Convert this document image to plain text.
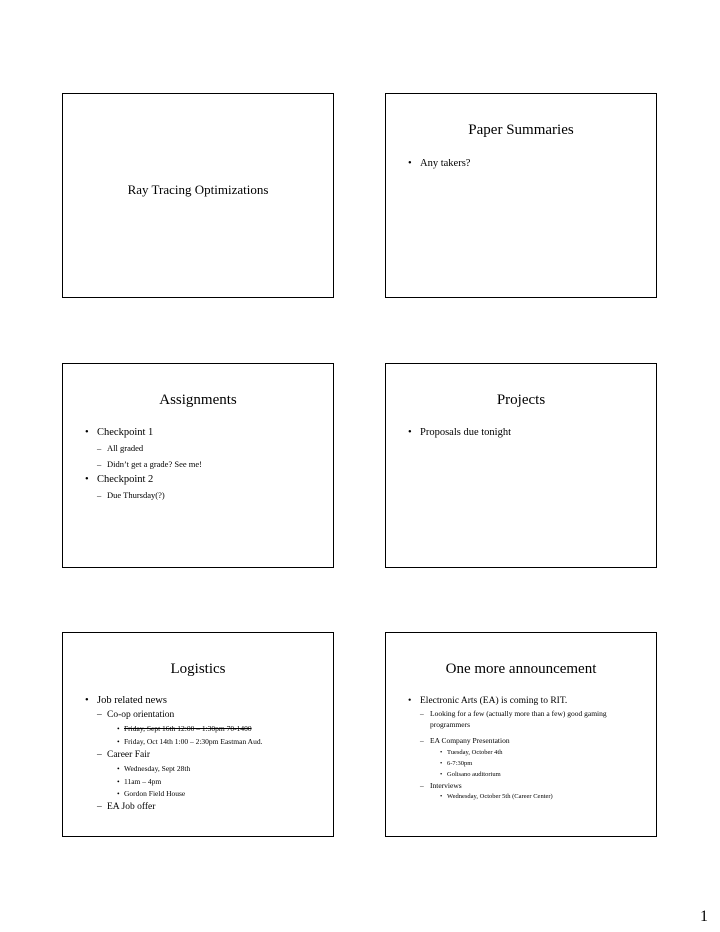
Ray Tracing Optimizations
Paper Summaries
• Any takers?
Assignments
• Checkpoint 1
– All graded
– Didn’t get a grade? See me!
• Checkpoint 2
– Due Thursday(?)
Projects
• Proposals due tonight
Logistics
• Job related news
– Co-op orientation
• Friday, Sept 16th 12:00 – 1:30pm 70-1400
• Friday, Oct 14th 1:00 – 2:30pm Eastman Aud.
– Career Fair
• Wednesday, Sept 28th
• 11am – 4pm
• Gordon Field House
– EA Job offer
One more announcement
• Electronic Arts (EA) is coming to RIT.
– Looking for a few (actually more than a few) good gaming programmers
– EA Company Presentation
• Tuesday, October 4th
• 6-7:30pm
• Golisano auditorium
– Interviews
• Wednesday, October 5th (Career Center)
1
